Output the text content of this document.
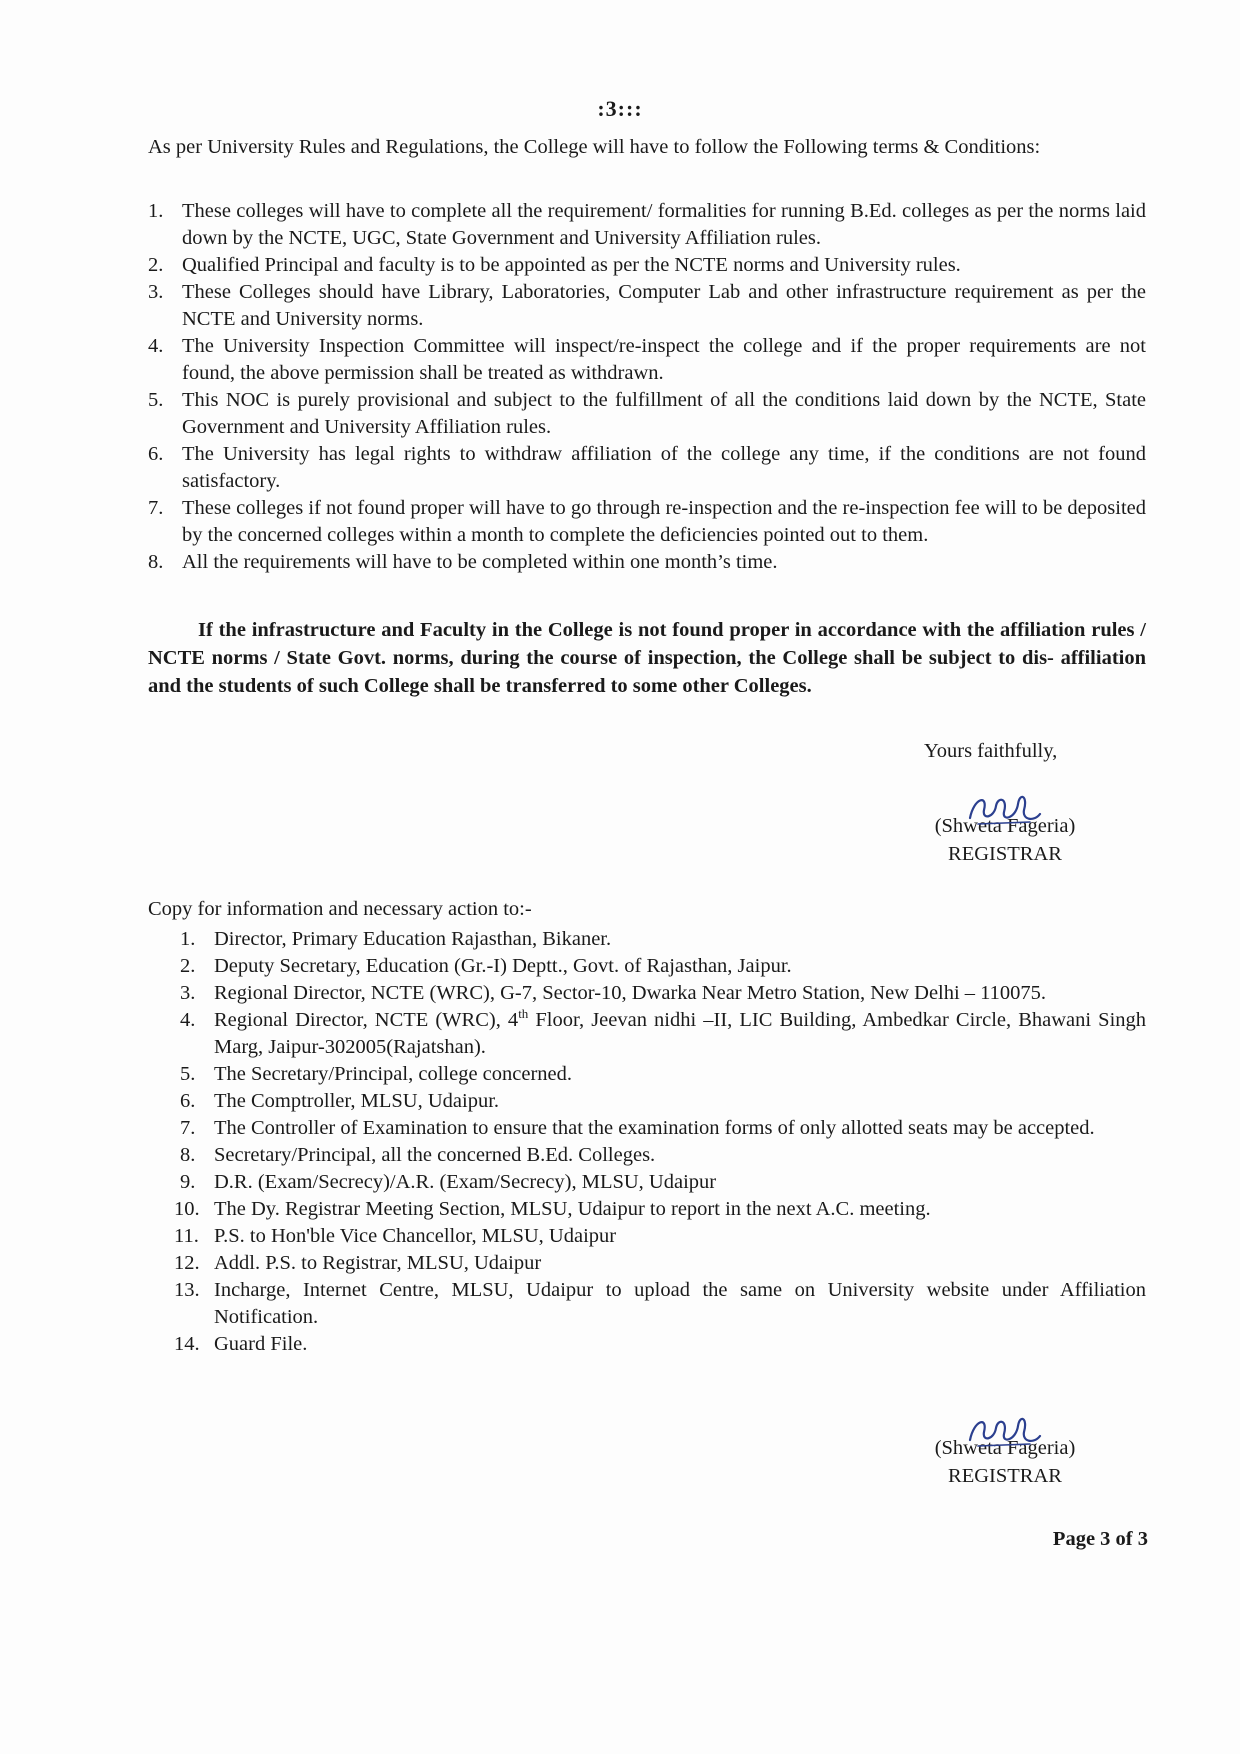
:3:::

As per University Rules and Regulations, the College will have to follow the Following terms & Conditions:

1. These colleges will have to complete all the requirement/ formalities for running B.Ed. colleges as per the norms laid down by the NCTE, UGC, State Government and University Affiliation rules.
2. Qualified Principal and faculty is to be appointed as per the NCTE norms and University rules.
3. These Colleges should have Library, Laboratories, Computer Lab and other infrastructure requirement as per the NCTE and University norms.
4. The University Inspection Committee will inspect/re-inspect the college and if the proper requirements are not found, the above permission shall be treated as withdrawn.
5. This NOC is purely provisional and subject to the fulfillment of all the conditions laid down by the NCTE, State Government and University Affiliation rules.
6. The University has legal rights to withdraw affiliation of the college any time, if the conditions are not found satisfactory.
7. These colleges if not found proper will have to go through re-inspection and the re-inspection fee will to be deposited by the concerned colleges within a month to complete the deficiencies pointed out to them.
8. All the requirements will have to be completed within one month’s time.

If the infrastructure and Faculty in the College is not found proper in accordance with the affiliation rules / NCTE norms / State Govt. norms, during the course of inspection, the College shall be subject to dis- affiliation and the students of such College shall be transferred to some other Colleges.

Yours faithfully,
(Shweta Fageria)
REGISTRAR

Copy for information and necessary action to:-

1. Director, Primary Education Rajasthan, Bikaner.
2. Deputy Secretary, Education (Gr.-I) Deptt., Govt. of Rajasthan, Jaipur.
3. Regional Director, NCTE (WRC), G-7, Sector-10, Dwarka Near Metro Station, New Delhi – 110075.
4. Regional Director, NCTE (WRC), 4th Floor, Jeevan nidhi –II, LIC Building, Ambedkar Circle, Bhawani Singh Marg, Jaipur-302005(Rajatshan).
5. The Secretary/Principal, college concerned.
6. The Comptroller, MLSU, Udaipur.
7. The Controller of Examination to ensure that the examination forms of only allotted seats may be accepted.
8. Secretary/Principal, all the concerned B.Ed. Colleges.
9. D.R. (Exam/Secrecy)/A.R. (Exam/Secrecy), MLSU, Udaipur
10. The Dy. Registrar Meeting Section, MLSU, Udaipur to report in the next A.C. meeting.
11. P.S. to Hon'ble Vice Chancellor, MLSU, Udaipur
12. Addl. P.S. to Registrar, MLSU, Udaipur
13. Incharge, Internet Centre, MLSU, Udaipur to upload the same on University website under Affiliation Notification.
14. Guard File.
(Shweta Fageria)
REGISTRAR
Page 3 of 3
